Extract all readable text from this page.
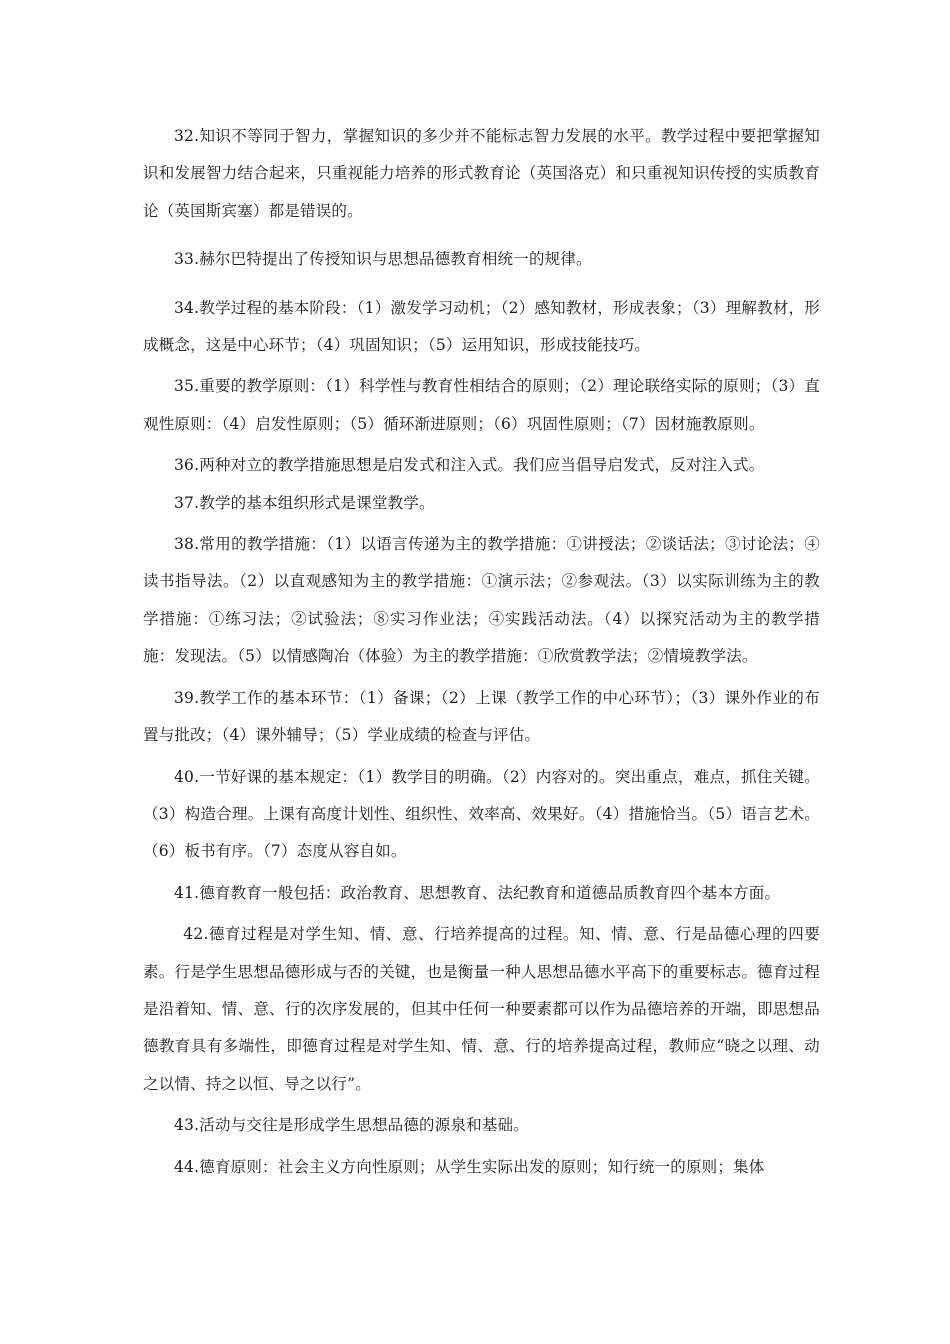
32.知识不等同于智力，掌握知识的多少并不能标志智力发展的水平。教学过程中要把掌握知识和发展智力结合起来，只重视能力培养的形式教育论（英国洛克）和只重视知识传授的实质教育论（英国斯宾塞）都是错误的。

33.赫尔巴特提出了传授知识与思想品德教育相统一的规律。

34.教学过程的基本阶段：（1）激发学习动机；（2）感知教材，形成表象；（3）理解教材，形成概念，这是中心环节；（4）巩固知识；（5）运用知识，形成技能技巧。

35.重要的教学原则：（1）科学性与教育性相结合的原则；（2）理论联络实际的原则；（3）直观性原则：（4）启发性原则；（5）循环渐进原则；（6）巩固性原则；（7）因材施教原则。

36.两种对立的教学措施思想是启发式和注入式。我们应当倡导启发式，反对注入式。

37.教学的基本组织形式是课堂教学。

38.常用的教学措施：（1）以语言传递为主的教学措施：①讲授法；②谈话法；③讨论法；④读书指导法。（2）以直观感知为主的教学措施：①演示法；②参观法。（3）以实际训练为主的教学措施：①练习法；②试验法；⑧实习作业法；④实践活动法。（4）以探究活动为主的教学措施：发现法。（5）以情感陶冶（体验）为主的教学措施：①欣赏教学法；②情境教学法。

39.教学工作的基本环节：（1）备课；（2）上课（教学工作的中心环节）；（3）课外作业的布置与批改；（4）课外辅导；（5）学业成绩的检查与评估。

40.一节好课的基本规定：（1）教学目的明确。（2）内容对的。突出重点，难点，抓住关键。 （3）构造合理。上课有高度计划性、组织性、效率高、效果好。（4）措施恰当。（5）语言艺术。（6）板书有序。（7）态度从容自如。

41.德育教育一般包括：政治教育、思想教育、法纪教育和道德品质教育四个基本方面。

42.德育过程是对学生知、情、意、行培养提高的过程。知、情、意、行是品德心理的四要素。行是学生思想品德形成与否的关键，也是衡量一种人思想品德水平高下的重要标志。德育过程是沿着知、情、意、行的次序发展的，但其中任何一种要素都可以作为品德培养的开端，即思想品德教育具有多端性，即德育过程是对学生知、情、意、行的培养提高过程，教师应“晓之以理、动之以情、持之以恒、导之以行”。

43.活动与交往是形成学生思想品德的源泉和基础。

44.德育原则：社会主义方向性原则；从学生实际出发的原则；知行统一的原则；集体
